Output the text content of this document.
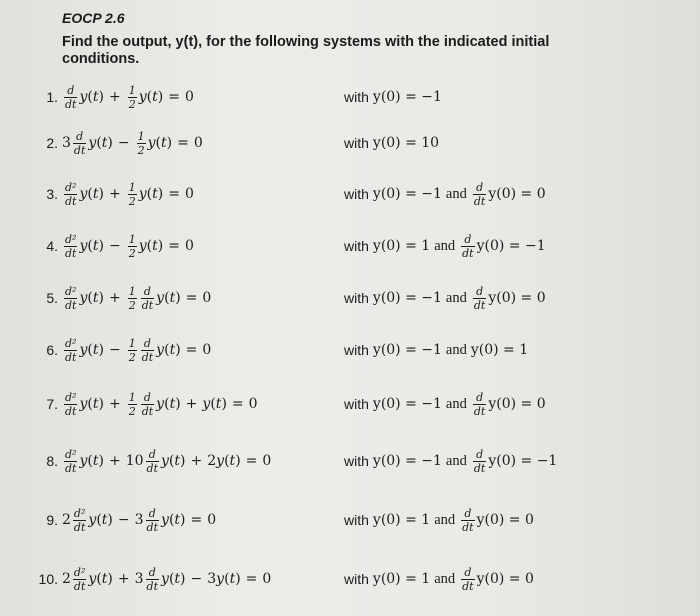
EOCP 2.6
Find the output, y(t), for the following systems with the indicated initial conditions.
1. $\frac{d}{dt}$ y ( t ) + $\frac{1}{2}$ y ( t ) = 0	with y(0) = −1
2. $3 \frac{d}{dt}$ y ( t ) − $\frac{1}{2}$ y ( t ) = 0	with y(0) = 10
3. $\frac{\text{d²}}{dt}$ y ( t ) + $\frac{1}{2}$ y ( t ) = 0	with y(0) = −1 and $\frac{d}{dt} y(0) = 0$
4. $\frac{\text{d²}}{dt}$ y ( t ) − $\frac{1}{2}$ y ( t ) = 0	with y(0) = 1 and $\frac{d}{dt} y(0) = -1$
5. $\frac{\text{d²}}{dt}$ y ( t ) + $\frac{1}{2} \frac{d}{dt}$ y ( t ) = 0	with y(0) = −1 and $\frac{d}{dt} y(0) = 0$
6. $\frac{\text{d²}}{dt}$ y ( t ) − $\frac{1}{2} \frac{d}{dt}$ y ( t ) = 0	with y(0) = −1 and y(0) = 1
7. $\frac{\text{d²}}{dt}$ y ( t ) + $\frac{1}{2} \frac{d}{dt}$ y ( t ) + y ( t ) = 0	with y(0) = −1 and $\frac{d}{dt} y(0) = 0$
8. $\frac{\text{d²}}{dt}$ y ( t ) + $10 \frac{d}{dt}$ y ( t ) + 2 y ( t ) = 0	with y(0) = −1 and $\frac{d}{dt} y(0) = -1$
9. $2 \frac{\text{d²}}{dt}$ y ( t ) − $3 \frac{d}{dt}$ y ( t ) = 0	with y(0) = 1 and $\frac{d}{dt} y(0) = 0$
10. $2 \frac{\text{d²}}{dt}$ y ( t ) + $3 \frac{d}{dt}$ y ( t ) − 3 y ( t ) = 0	with y(0) = 1 and $\frac{d}{dt} y(0) = 0$
